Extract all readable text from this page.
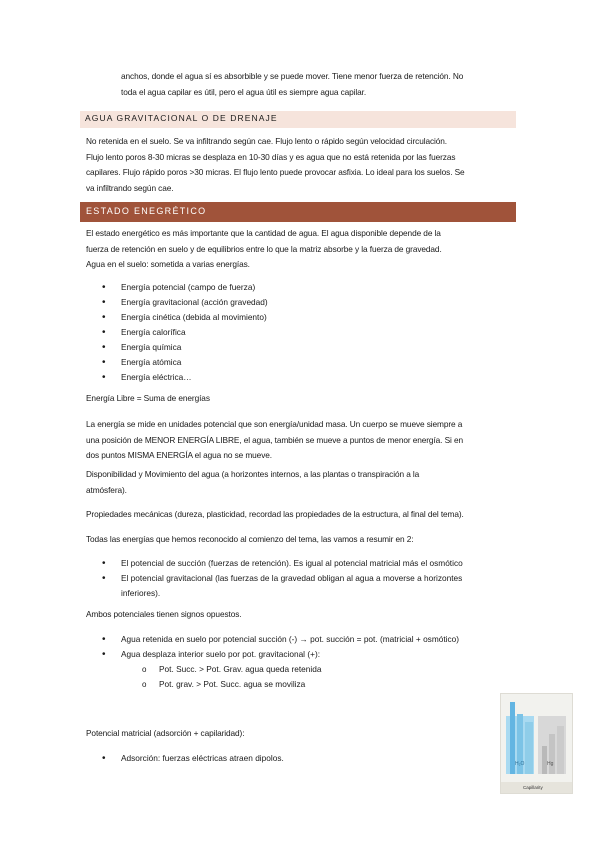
anchos, donde el agua sí es absorbible y se puede mover. Tiene menor fuerza de retención. No
toda el agua capilar es útil, pero el agua útil es siempre agua capilar.
AGUA GRAVITACIONAL O DE DRENAJE
No retenida en el suelo. Se va infiltrando según cae. Flujo lento o rápido según velocidad circulación.
Flujo lento poros 8-30 micras se desplaza en 10-30 días y es agua que no está retenida por las fuerzas
capilares. Flujo rápido poros >30 micras. El flujo lento puede provocar asfixia. Lo ideal para los suelos. Se
va infiltrando según cae.
ESTADO ENEGRÉTICO
El estado energético es más importante que la cantidad de agua. El agua disponible depende de la
fuerza de retención en suelo y de equilibrios entre lo que la matriz absorbe y la fuerza de gravedad.
Agua en el suelo: sometida a varias energías.
• Energía potencial (campo de fuerza)
• Energía gravitacional (acción gravedad)
• Energía cinética (debida al movimiento)
• Energía calorífica
• Energía química
• Energía atómica
• Energía eléctrica…
Energía Libre = Suma de energías
La energía se mide en unidades potencial que son energía/unidad masa. Un cuerpo se mueve siempre a
una posición de MENOR ENERGÍA LIBRE, el agua, también se mueve a puntos de menor energía. Si en
dos puntos MISMA ENERGÍA el agua no se mueve.
Disponibilidad y Movimiento del agua (a horizontes internos, a las plantas o transpiración a la
atmósfera).
Propiedades mecánicas (dureza, plasticidad, recordad las propiedades de la estructura, al final del tema).
Todas las energías que hemos reconocido al comienzo del tema, las vamos a resumir en 2:
• El potencial de succión (fuerzas de retención). Es igual al potencial matricial más el osmótico
• El potencial gravitacional (las fuerzas de la gravedad obligan al agua a moverse a horizontes
inferiores).
Ambos potenciales tienen signos opuestos.
• Agua retenida en suelo por potencial succión (-) → pot. succión = pot. (matricial + osmótico)
• Agua desplaza interior suelo por pot. gravitacional (+):
o Pot. Succ. > Pot. Grav. agua queda retenida
o Pot. grav. > Pot. Succ. agua se moviliza
Potencial matricial (adsorción + capilaridad):
• Adsorción: fuerzas eléctricas atraen dipolos.
H₂O	Hg
Capillarity
